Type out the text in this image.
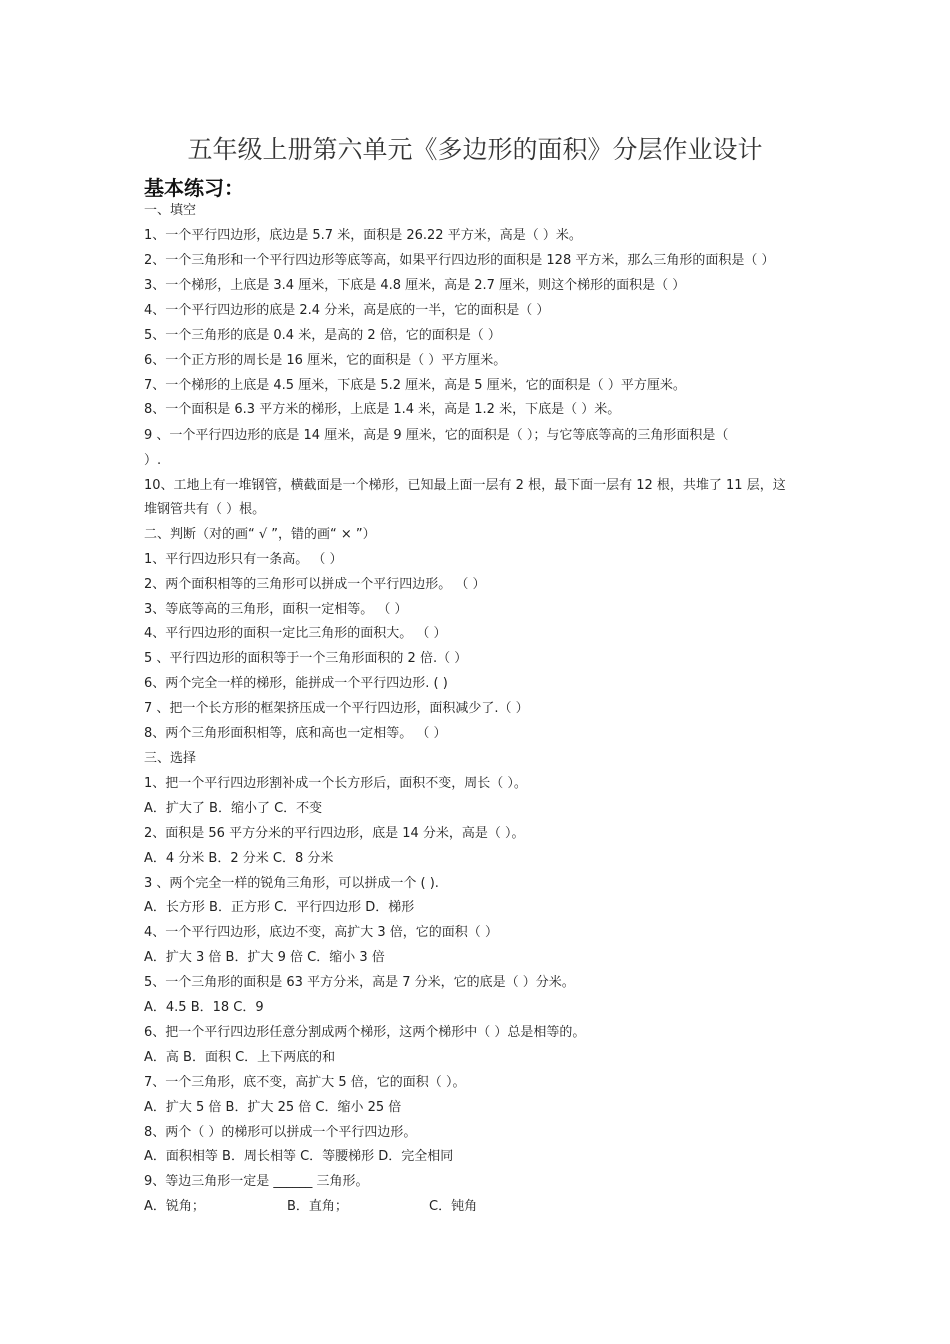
五年级上册第六单元《多边形的面积》分层作业设计
基本练习：
一、填空
1、一个平行四边形，底边是 5.7 米，面积是 26.22 平方米，高是（ ）米。
2、一个三角形和一个平行四边形等底等高，如果平行四边形的面积是 128 平方米，那么三角形的面积是（ ）
3、一个梯形，上底是 3.4 厘米，下底是 4.8 厘米，高是 2.7 厘米，则这个梯形的面积是（ ）
4、一个平行四边形的底是 2.4 分米，高是底的一半，它的面积是（ ）
5、一个三角形的底是 0.4 米，是高的 2 倍，它的面积是（ ）
6、一个正方形的周长是 16 厘米，它的面积是（ ）平方厘米。
7、一个梯形的上底是 4.5 厘米，下底是 5.2 厘米，高是 5 厘米，它的面积是（ ）平方厘米。
8、一个面积是 6.3 平方米的梯形，上底是 1.4 米，高是 1.2 米，下底是（ ）米。
9 、一个平行四边形的底是 14 厘米，高是 9 厘米，它的面积是（ ）；与它等底等高的三角形面积是（
）.
10、工地上有一堆钢管，横截面是一个梯形，已知最上面一层有 2 根，最下面一层有 12 根，共堆了 11 层，这
堆钢管共有（ ）根。
二、判断（对的画“ √ ”，错的画“ × ”）
1、平行四边形只有一条高。 （ ）
2、两个面积相等的三角形可以拼成一个平行四边形。 （ ）
3、等底等高的三角形，面积一定相等。 （ ）
4、平行四边形的面积一定比三角形的面积大。 （ ）
5 、平行四边形的面积等于一个三角形面积的 2 倍.（ ）
6、两个完全一样的梯形，能拼成一个平行四边形. ( )
7 、把一个长方形的框架挤压成一个平行四边形，面积减少了.（ ）
8、两个三角形面积相等，底和高也一定相等。 （ ）
三、选择
1、把一个平行四边形割补成一个长方形后，面积不变，周长（ ）。
A．扩大了 B．缩小了 C．不变
2、面积是 56 平方分米的平行四边形，底是 14 分米，高是（ ）。
A．4 分米 B．2 分米 C．8 分米
3 、两个完全一样的锐角三角形，可以拼成一个 ( ).
A．长方形 B．正方形 C．平行四边形 D．梯形
4、一个平行四边形，底边不变，高扩大 3 倍，它的面积（ ）
A．扩大 3 倍 B．扩大 9 倍 C．缩小 3 倍
5、一个三角形的面积是 63 平方分米，高是 7 分米，它的底是（ ）分米。
A．4.5 B．18 C．9
6、把一个平行四边形任意分割成两个梯形，这两个梯形中（ ）总是相等的。
A．高 B．面积 C．上下两底的和
7、一个三角形，底不变，高扩大 5 倍，它的面积（ ）。
A．扩大 5 倍 B．扩大 25 倍 C．缩小 25 倍
8、两个（ ）的梯形可以拼成一个平行四边形。
A．面积相等 B．周长相等 C．等腰梯形 D．完全相同
9、等边三角形一定是 ______ 三角形。
A．锐角；	B．直角；	C．钝角
